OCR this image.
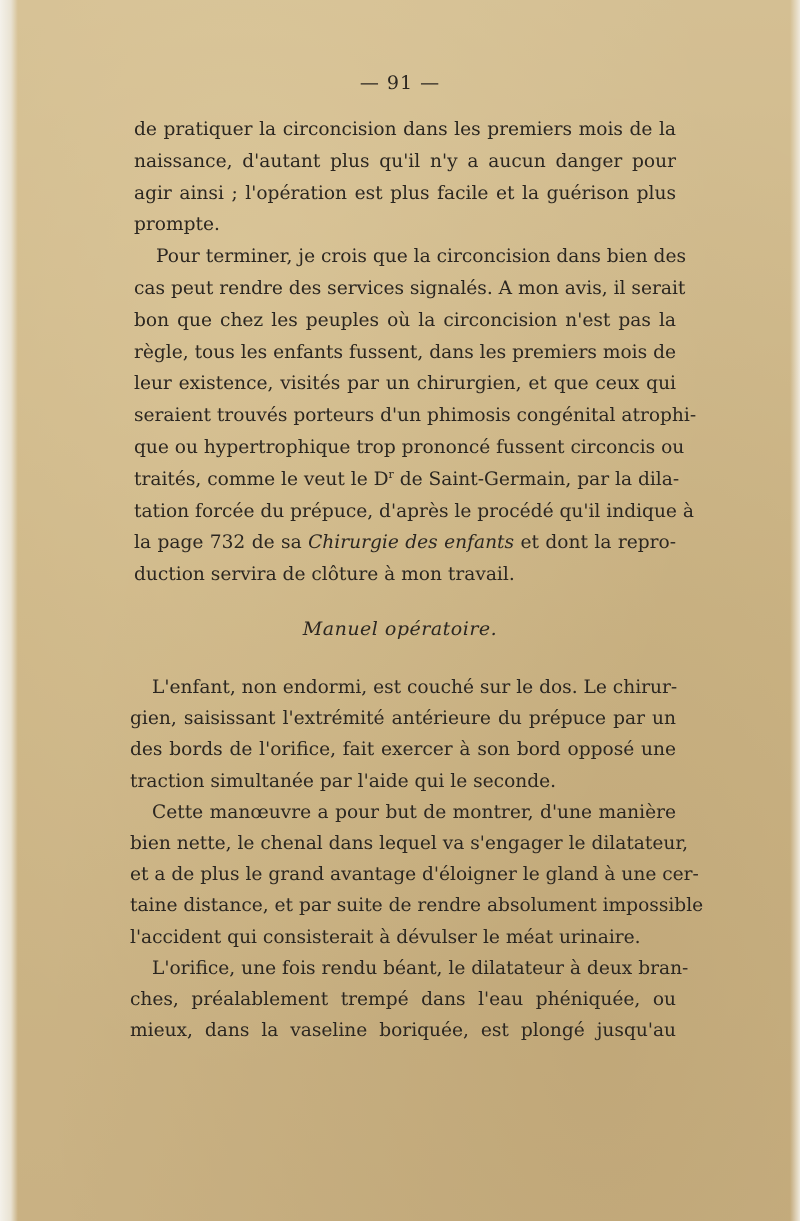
— 91 —
de pratiquer la circoncision dans les premiers mois de la
naissance, d'autant plus qu'il n'y a aucun danger pour
agir ainsi ; l'opération est plus facile et la guérison plus
prompte.
Pour terminer, je crois que la circoncision dans bien des
cas peut rendre des services signalés. A mon avis, il serait
bon que chez les peuples où la circoncision n'est pas la
règle, tous les enfants fussent, dans les premiers mois de
leur existence, visités par un chirurgien, et que ceux qui
seraient trouvés porteurs d'un phimosis congénital atrophi-
que ou hypertrophique trop prononcé fussent circoncis ou
traités, comme le veut le $D^r$ de Saint-Germain, par la dila-
tation forcée du prépuce, d'après le procédé qu'il indique à
la page 732 de sa Chirurgie des enfants et dont la repro-
duction servira de clôture à mon travail.
Manuel opératoire.
L'enfant, non endormi, est couché sur le dos. Le chirur-
gien, saisissant l'extrémité antérieure du prépuce par un
des bords de l'orifice, fait exercer à son bord opposé une
traction simultanée par l'aide qui le seconde.
Cette manœuvre a pour but de montrer, d'une manière
bien nette, le chenal dans lequel va s'engager le dilatateur,
et a de plus le grand avantage d'éloigner le gland à une cer-
taine distance, et par suite de rendre absolument impossible
l'accident qui consisterait à dévulser le méat urinaire.
L'orifice, une fois rendu béant, le dilatateur à deux bran-
ches, préalablement trempé dans l'eau phéniquée, ou
mieux, dans la vaseline boriquée, est plongé jusqu'au
